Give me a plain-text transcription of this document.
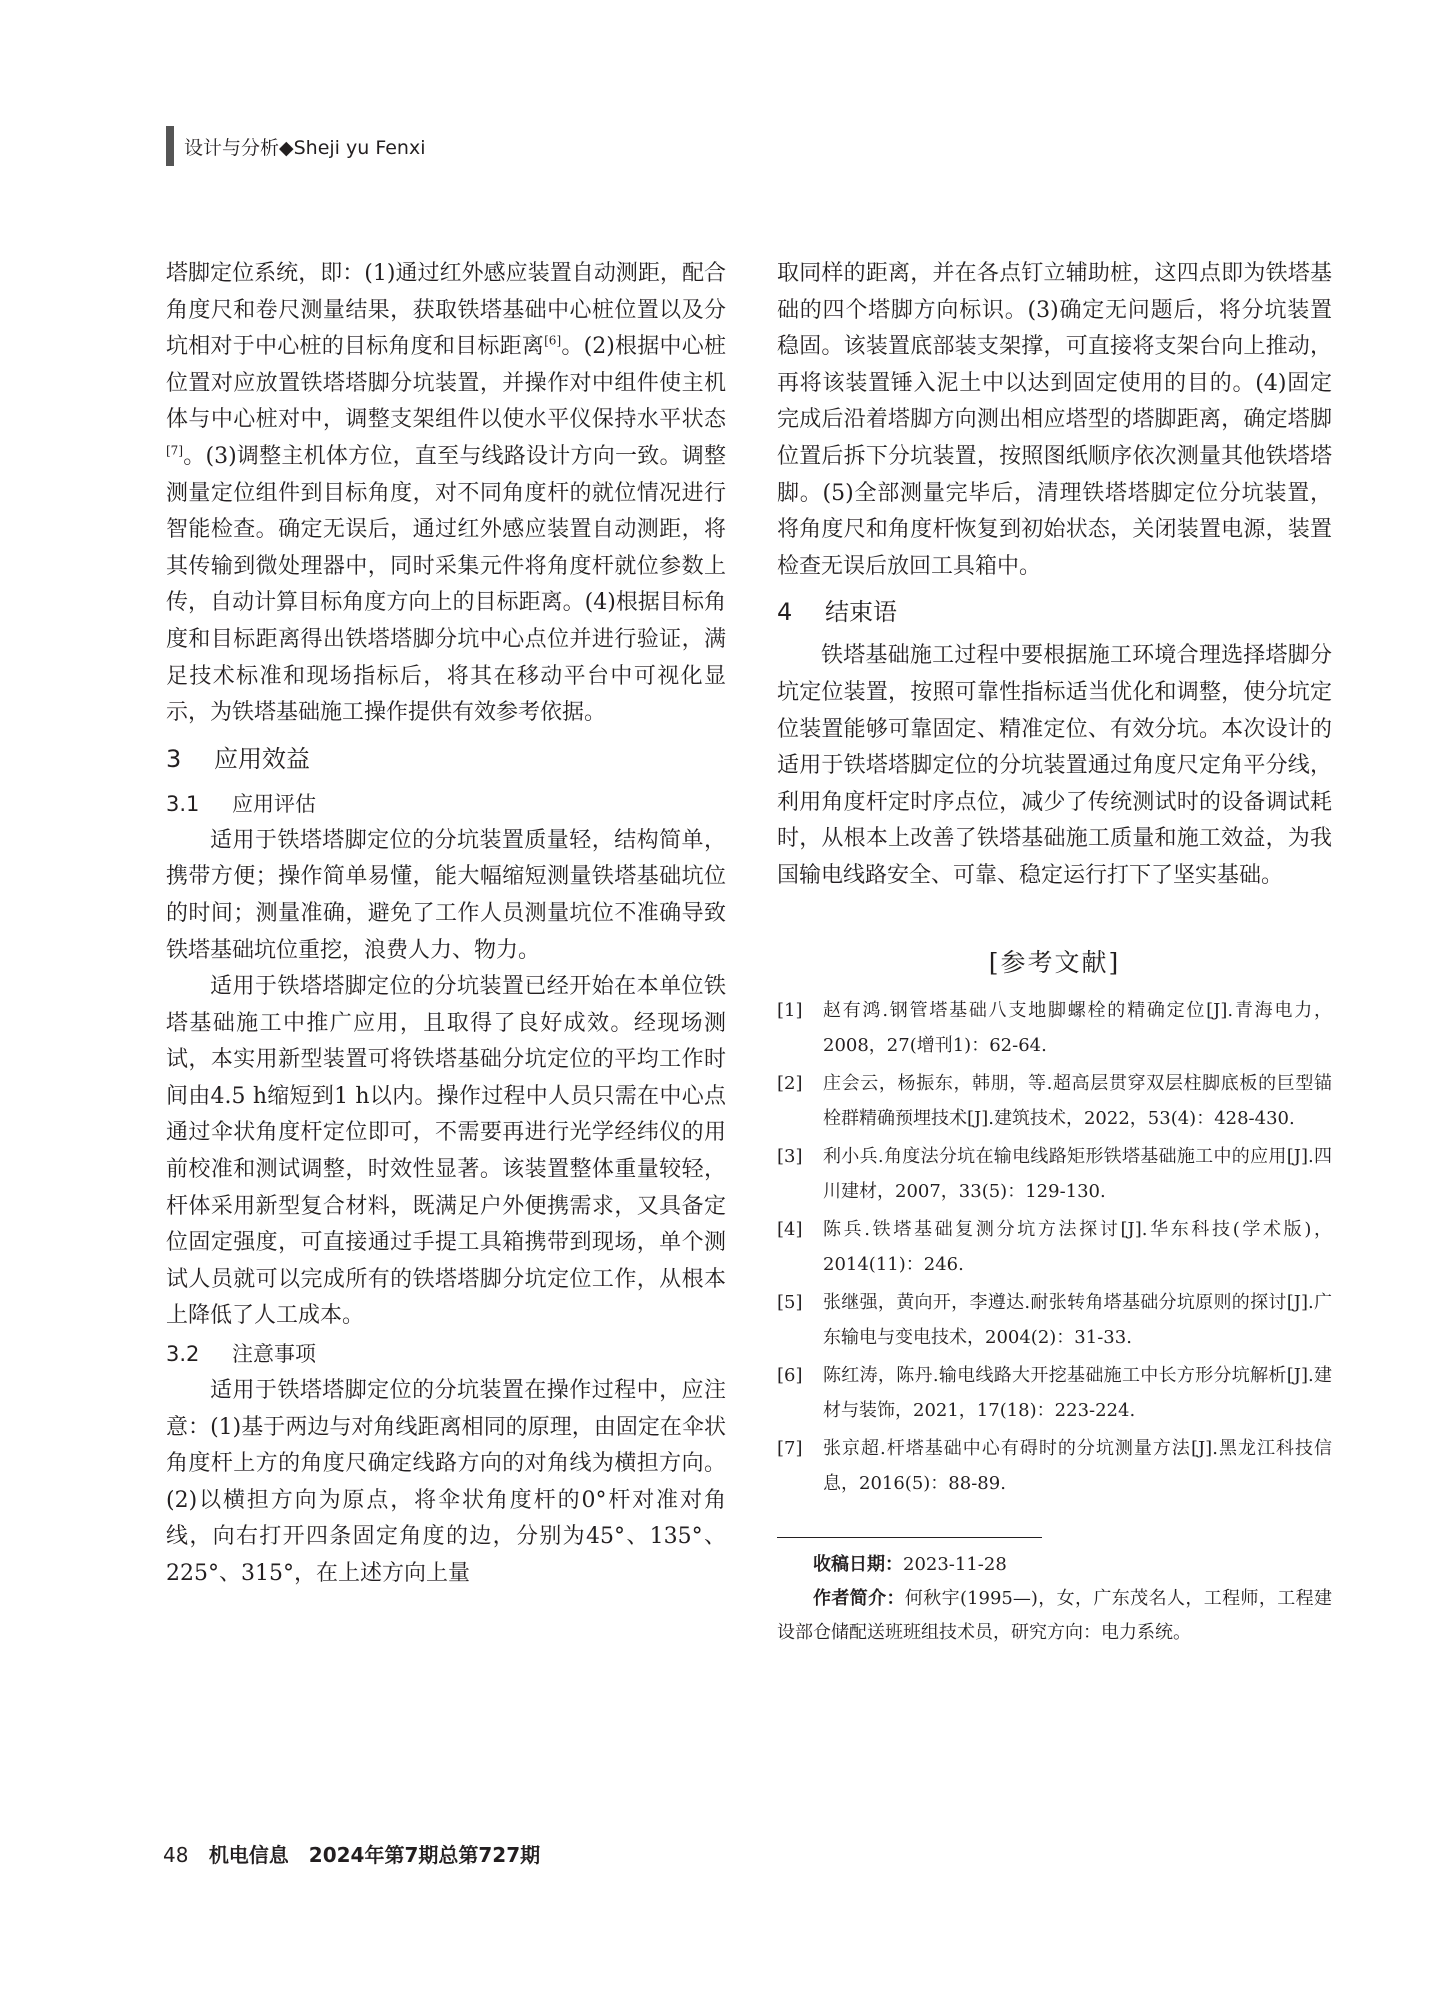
设计与分析◆Sheji yu Fenxi

塔脚定位系统，即：(1)通过红外感应装置自动测距，配合角度尺和卷尺测量结果，获取铁塔基础中心桩位置以及分坑相对于中心桩的目标角度和目标距离[6]。(2)根据中心桩位置对应放置铁塔塔脚分坑装置，并操作对中组件使主机体与中心桩对中，调整支架组件以使水平仪保持水平状态[7]。(3)调整主机体方位，直至与线路设计方向一致。调整测量定位组件到目标角度，对不同角度杆的就位情况进行智能检查。确定无误后，通过红外感应装置自动测距，将其传输到微处理器中，同时采集元件将角度杆就位参数上传，自动计算目标角度方向上的目标距离。(4)根据目标角度和目标距离得出铁塔塔脚分坑中心点位并进行验证，满足技术标准和现场指标后，将其在移动平台中可视化显示，为铁塔基础施工操作提供有效参考依据。

3 应用效益
3.1 应用评估

适用于铁塔塔脚定位的分坑装置质量轻，结构简单，携带方便；操作简单易懂，能大幅缩短测量铁塔基础坑位的时间；测量准确，避免了工作人员测量坑位不准确导致铁塔基础坑位重挖，浪费人力、物力。

适用于铁塔塔脚定位的分坑装置已经开始在本单位铁塔基础施工中推广应用，且取得了良好成效。经现场测试，本实用新型装置可将铁塔基础分坑定位的平均工作时间由4.5 h缩短到1 h以内。操作过程中人员只需在中心点通过伞状角度杆定位即可，不需要再进行光学经纬仪的用前校准和测试调整，时效性显著。该装置整体重量较轻，杆体采用新型复合材料，既满足户外便携需求，又具备定位固定强度，可直接通过手提工具箱携带到现场，单个测试人员就可以完成所有的铁塔塔脚分坑定位工作，从根本上降低了人工成本。

3.2 注意事项

适用于铁塔塔脚定位的分坑装置在操作过程中，应注意：(1)基于两边与对角线距离相同的原理，由固定在伞状角度杆上方的角度尺确定线路方向的对角线为横担方向。(2)以横担方向为原点，将伞状角度杆的0°杆对准对角线，向右打开四条固定角度的边，分别为45°、135°、225°、315°，在上述方向上量

取同样的距离，并在各点钉立辅助桩，这四点即为铁塔基础的四个塔脚方向标识。(3)确定无问题后，将分坑装置稳固。该装置底部装支架撑，可直接将支架台向上推动，再将该装置锤入泥土中以达到固定使用的目的。(4)固定完成后沿着塔脚方向测出相应塔型的塔脚距离，确定塔脚位置后拆下分坑装置，按照图纸顺序依次测量其他铁塔塔脚。(5)全部测量完毕后，清理铁塔塔脚定位分坑装置，将角度尺和角度杆恢复到初始状态，关闭装置电源，装置检查无误后放回工具箱中。

4 结束语

铁塔基础施工过程中要根据施工环境合理选择塔脚分坑定位装置，按照可靠性指标适当优化和调整，使分坑定位装置能够可靠固定、精准定位、有效分坑。本次设计的适用于铁塔塔脚定位的分坑装置通过角度尺定角平分线，利用角度杆定时序点位，减少了传统测试时的设备调试耗时，从根本上改善了铁塔基础施工质量和施工效益，为我国输电线路安全、可靠、稳定运行打下了坚实基础。

[参考文献]
[1]	赵有鸿.钢管塔基础八支地脚螺栓的精确定位[J].青海电力，2008，27(增刊1)：62-64.
[2]	庄会云，杨振东，韩朋，等.超高层贯穿双层柱脚底板的巨型锚栓群精确预埋技术[J].建筑技术，2022，53(4)：428-430.
[3]	利小兵.角度法分坑在输电线路矩形铁塔基础施工中的应用[J].四川建材，2007，33(5)：129-130.
[4]	陈兵.铁塔基础复测分坑方法探讨[J].华东科技(学术版)，2014(11)：246.
[5]	张继强，黄向开，李遵达.耐张转角塔基础分坑原则的探讨[J].广东输电与变电技术，2004(2)：31-33.
[6]	陈红涛，陈丹.输电线路大开挖基础施工中长方形分坑解析[J].建材与装饰，2021，17(18)：223-224.
[7]	张京超.杆塔基础中心有碍时的分坑测量方法[J].黑龙江科技信息，2016(5)：88-89.
收稿日期：2023-11-28
作者简介：何秋宇(1995—)，女，广东茂名人，工程师，工程建设部仓储配送班班组技术员，研究方向：电力系统。
48 机电信息　2024年第7期总第727期
